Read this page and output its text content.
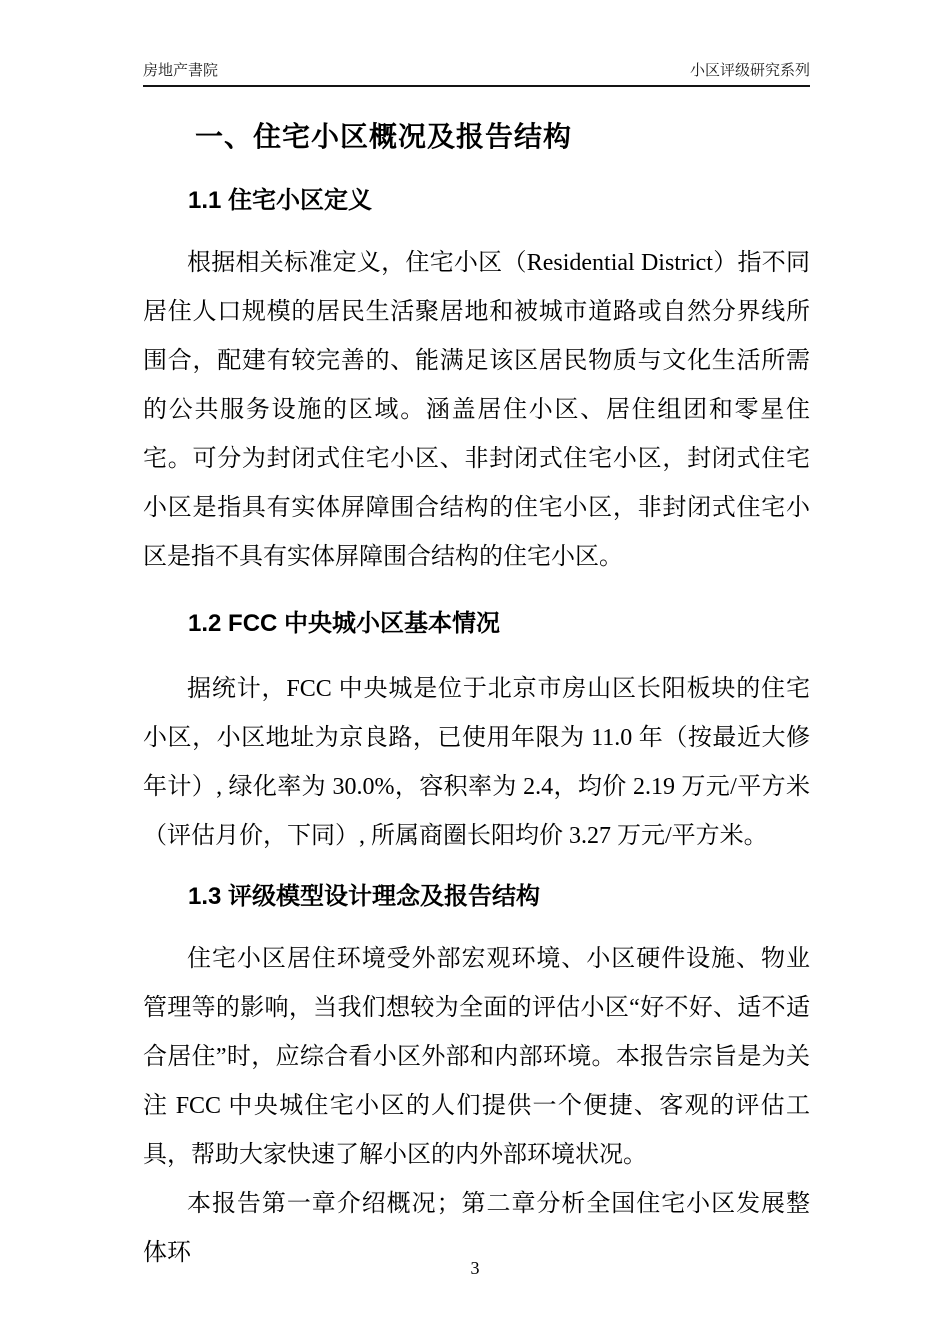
房地产書院	小区评级研究系列
一、住宅小区概况及报告结构
1.1 住宅小区定义

根据相关标准定义，住宅小区（Residential District）指不同居住人口规模的居民生活聚居地和被城市道路或自然分界线所围合，配建有较完善的、能满足该区居民物质与文化生活所需的公共服务设施的区域。涵盖居住小区、居住组团和零星住宅。可分为封闭式住宅小区、非封闭式住宅小区，封闭式住宅小区是指具有实体屏障围合结构的住宅小区，非封闭式住宅小区是指不具有实体屏障围合结构的住宅小区。

1.2 FCC 中央城小区基本情况

据统计，FCC 中央城是位于北京市房山区长阳板块的住宅小区，小区地址为京良路，已使用年限为 11.0 年（按最近大修年计）, 绿化率为 30.0%，容积率为 2.4，均价 2.19 万元/平方米（评估月价，下同）, 所属商圈长阳均价 3.27 万元/平方米。

1.3 评级模型设计理念及报告结构

住宅小区居住环境受外部宏观环境、小区硬件设施、物业管理等的影响，当我们想较为全面的评估小区“好不好、适不适合居住”时，应综合看小区外部和内部环境。本报告宗旨是为关注 FCC 中央城住宅小区的人们提供一个便捷、客观的评估工具，帮助大家快速了解小区的内外部环境状况。

本报告第一章介绍概况；第二章分析全国住宅小区发展整体环

3
